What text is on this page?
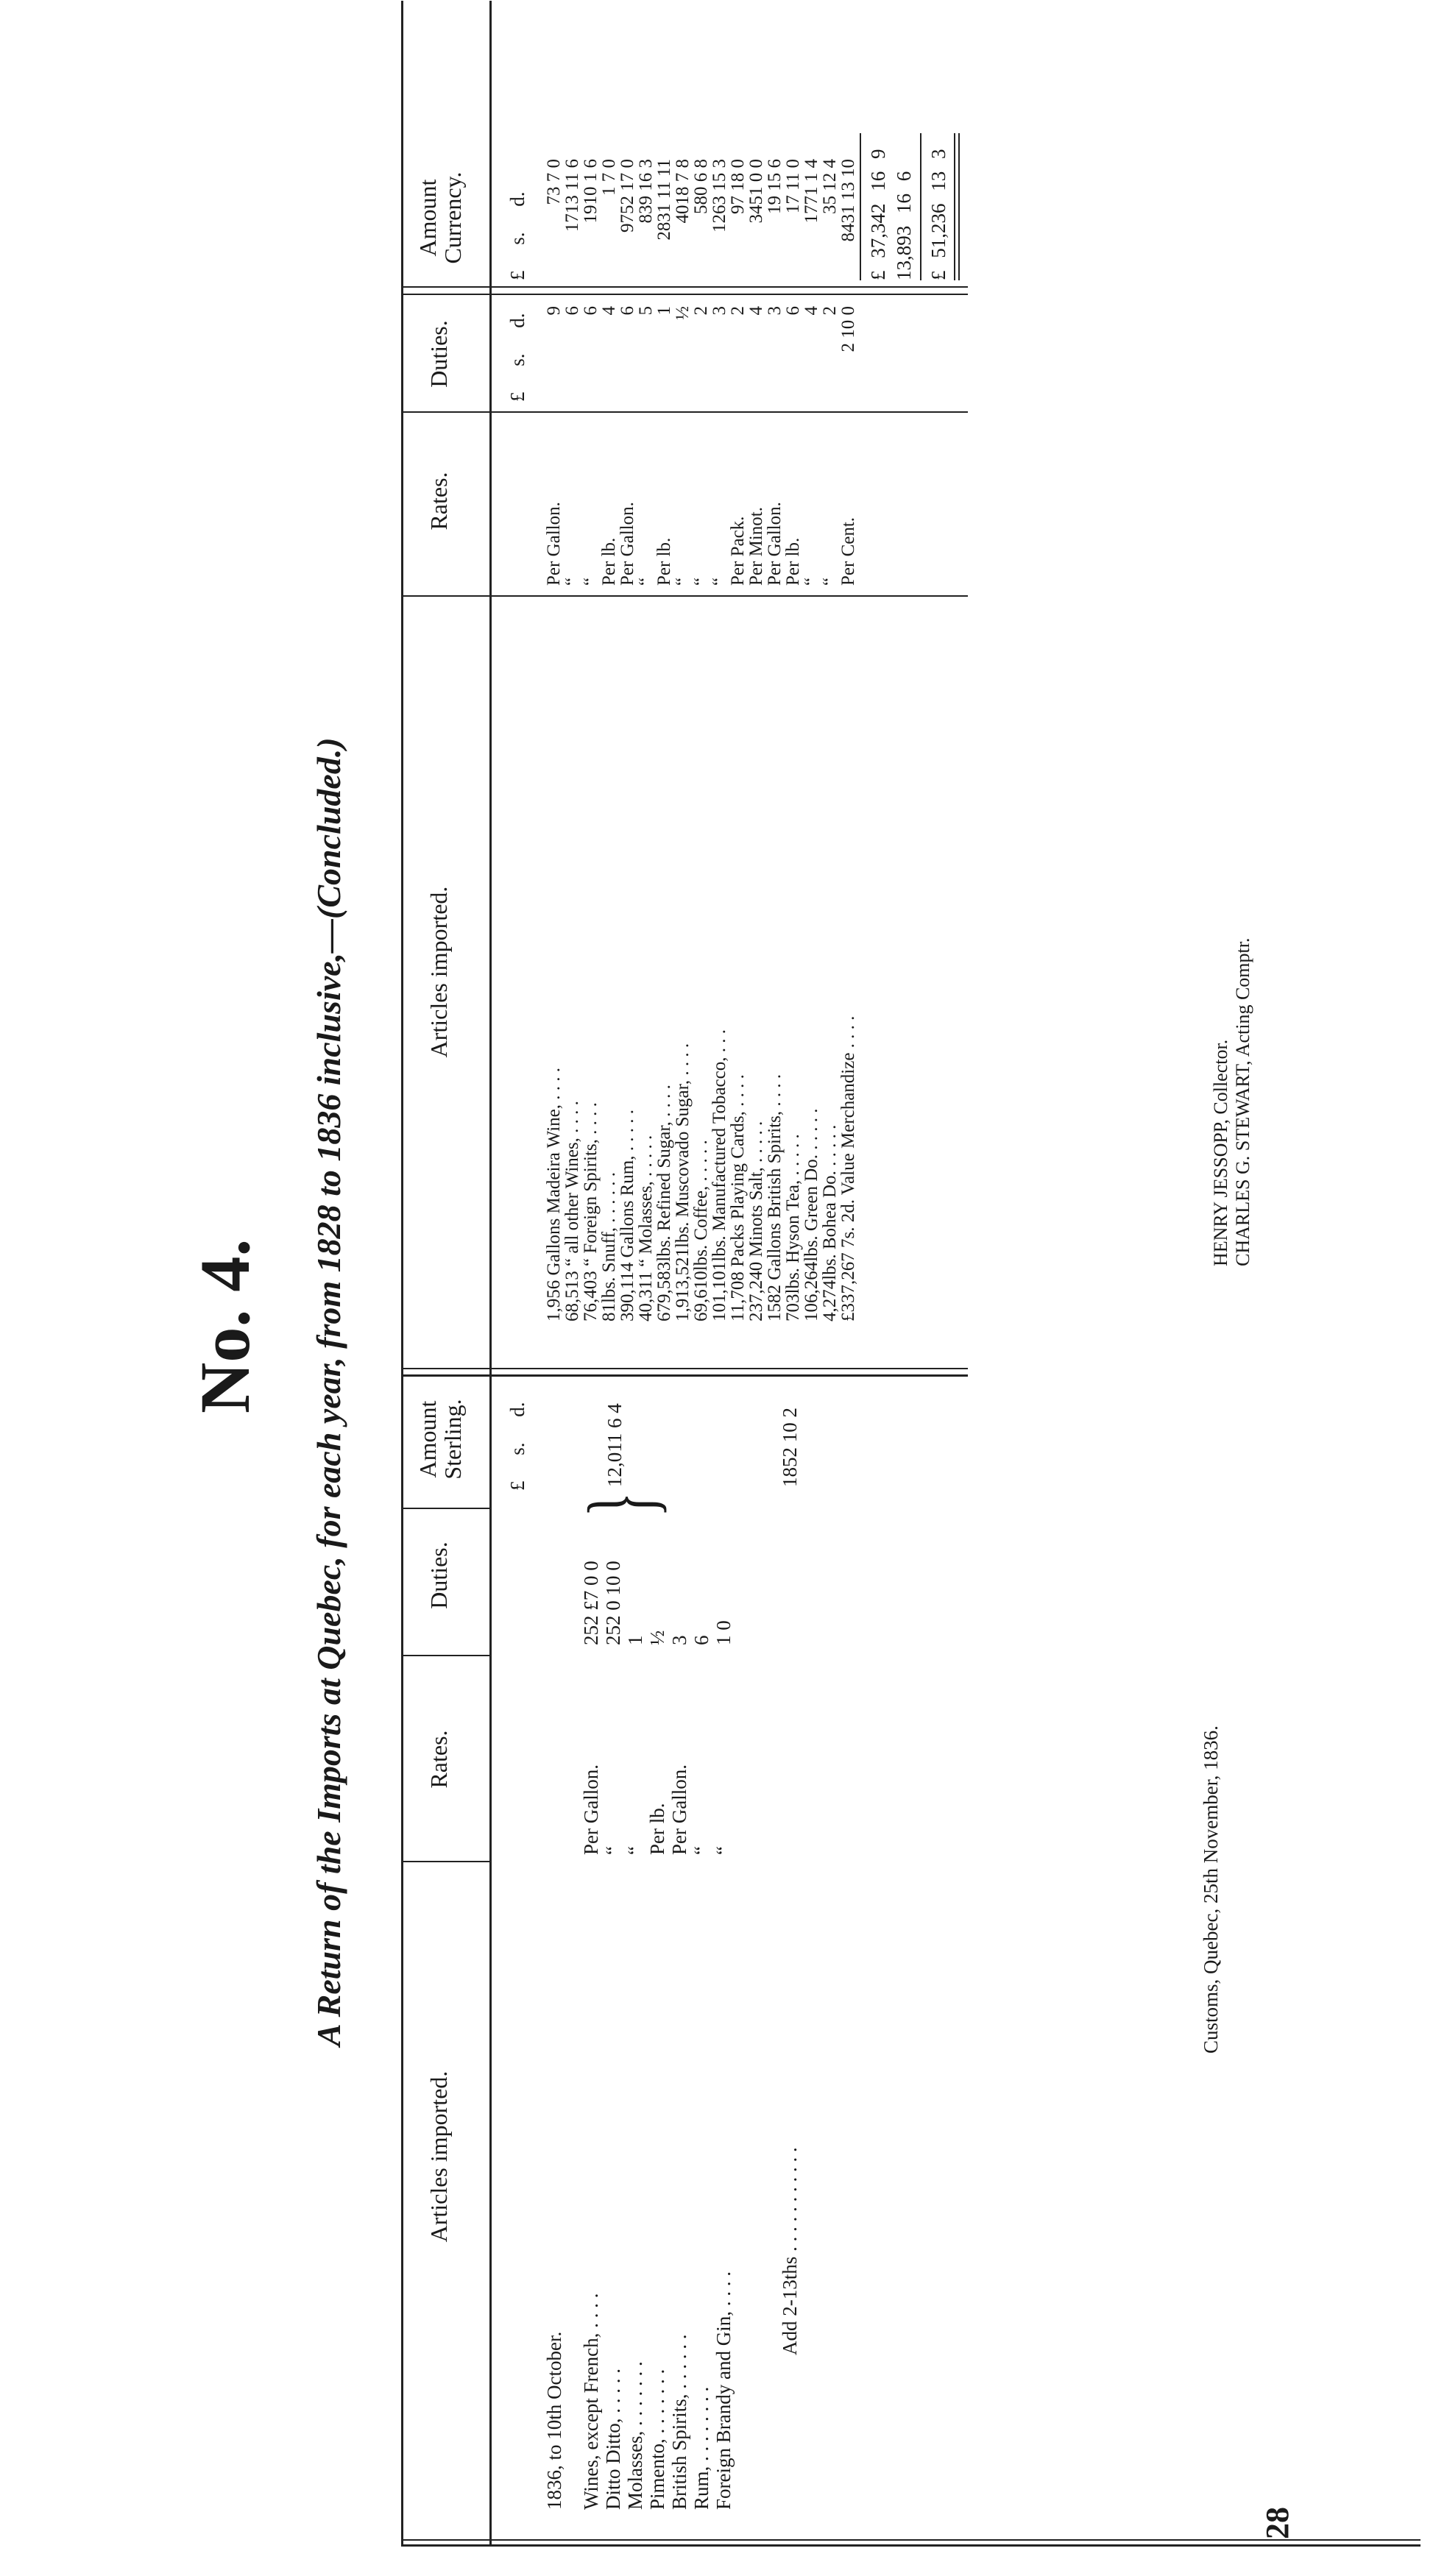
28
No. 4. A Return of the Imports at Quebec, for each year, from 1828 to 1836 inclusive,—(Concluded.)
Articles imported.
Rates.
Duties.
Amount Sterling.
Articles imported.
Rates.
Duties.
Amount Currency.
£ s. d.
£ s. d.
£ s. d.
1836, to 10th October. Wines, except French, . . . .
Per Gallon.
252 £7 0 0
Ditto Ditto, . . . . .
“
252 0 10 0
Molasses, . . . . . . .
“
1
Pimento, . . . . . . .
Per lb.
½
British Spirits, . . . . . .
Per Gallon.
3
Rum, . . . . . . . .
“
6
Foreign Brandy and Gin, . . . .
“
1 0
}
12,011 6 4
Add 2-13ths . . . . . . . . . . .
1852 10 2
1,956 Gallons Madeira Wine, . . . .
Per Gallon.
9
73 7 0
68,513 “ all other Wines, . . . .
“
6
1713 11 6
76,403 “ Foreign Spirits, . . . .
“
6
1910 1 6
81lbs. Snuff, . . . . . .
Per lb.
4
1 7 0
390,114 Gallons Rum, . . . . .
Per Gallon.
6
9752 17 0
40,311 “ Molasses, . . . . .
“
5
839 16 3
679,583lbs. Refined Sugar, . . . .
Per lb.
1
2831 11 11
1,913,521lbs. Muscovado Sugar, . . . .
“
½
4018 7 8
69,610lbs. Coffee, . . . . .
“
2
580 6 8
101,101lbs. Manufactured Tobacco, . . .
“
3
1263 15 3
11,708 Packs Playing Cards, . . . .
Per Pack.
2
97 18 0
237,240 Minots Salt, . . . . .
Per Minot.
4
3451 0 0
1582 Gallons British Spirits, . . . .
Per Gallon.
3
19 15 6
703lbs. Hyson Tea, . . . . .
Per lb.
6
17 11 0
106,264lbs. Green Do. . . . . .
“
4
1771 1 4
4,274lbs. Bohea Do. . . . . .
“
2
35 12 4
£337,267 7s. 2d. Value Merchandize . . . .
Per Cent.
2 10 0
8431 13 10 £ 37,342 16 9 13,893 16 6 £ 51,236 13 3
HENRY JESSOPP, Collector. CHARLES G. STEWART, Acting Comptr.
Customs, Quebec, 25th November, 1836.
